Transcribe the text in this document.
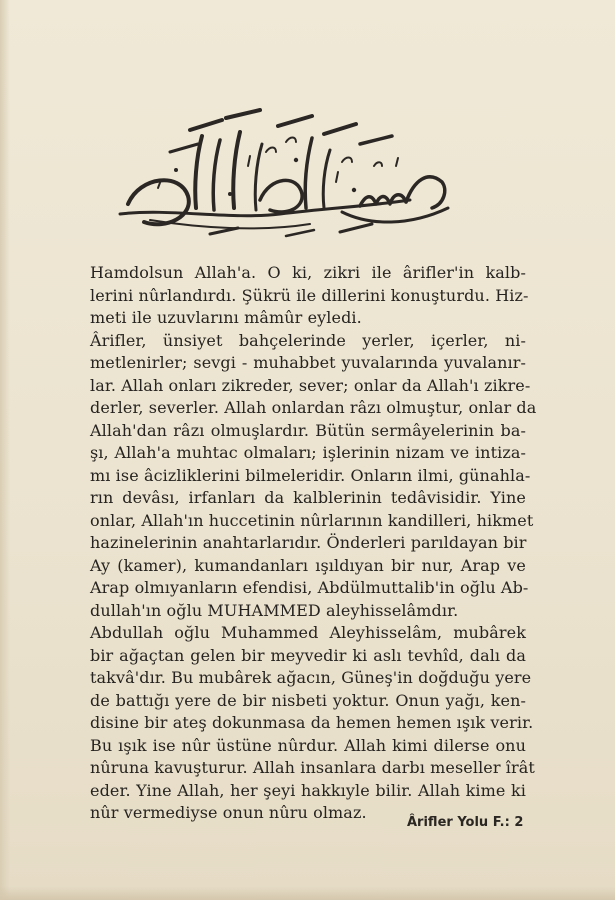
Hamdolsun Allah'a. O ki, zikri ile ârifler'in kalb-
lerini nûrlandırdı. Şükrü ile dillerini konuşturdu. Hiz-
meti ile uzuvlarını mâmûr eyledi.

Ârifler, ünsiyet bahçelerinde yerler, içerler, ni-
metlenirler; sevgi - muhabbet yuvalarında yuvalanır-
lar. Allah onları zikreder, sever; onlar da Allah'ı zikre-
derler, severler. Allah onlardan râzı olmuştur, onlar da
Allah'dan râzı olmuşlardır. Bütün sermâyelerinin ba-
şı, Allah'a muhtac olmaları; işlerinin nizam ve intiza-
mı ise âcizliklerini bilmeleridir. Onların ilmi, günahla-
rın devâsı, irfanları da kalblerinin tedâvisidir. Yine
onlar, Allah'ın huccetinin nûrlarının kandilleri, hikmet
hazinelerinin anahtarlarıdır. Önderleri parıldayan bir
Ay (kamer), kumandanları ışıldıyan bir nur, Arap ve
Arap olmıyanların efendisi, Abdülmuttalib'in oğlu Ab-
dullah'ın oğlu MUHAMMED aleyhisselâmdır.

Abdullah oğlu Muhammed Aleyhisselâm, mubârek
bir ağaçtan gelen bir meyvedir ki aslı tevhîd, dalı da
takvâ'dır. Bu mubârek ağacın, Güneş'in doğduğu yere
de battığı yere de bir nisbeti yoktur. Onun yağı, ken-
disine bir ateş dokunmasa da hemen hemen ışık verir.
Bu ışık ise nûr üstüne nûrdur. Allah kimi dilerse onu
nûruna kavuşturur. Allah insanlara darbı meseller îrât
eder. Yine Allah, her şeyi hakkıyle bilir. Allah kime ki
nûr vermediyse onun nûru olmaz.

Ârifler Yolu F.: 2
